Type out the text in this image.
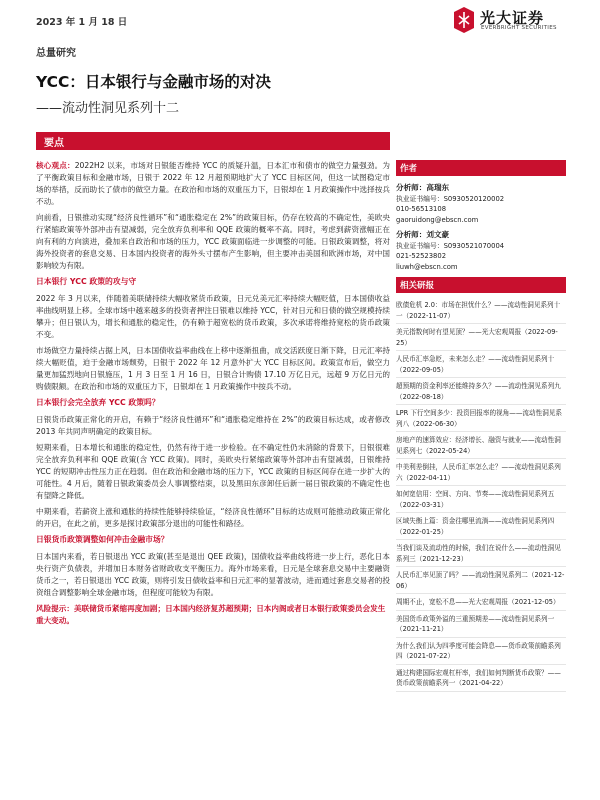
2023 年 1 月 18 日	光大证券
EVERBRIGHT SECURITIES
总量研究
YCC：日本银行与金融市场的对决
——流动性洞见系列十二
要点

核心观点：2022H2 以来，市场对日银能否维持 YCC 的质疑升温，日本汇市和债市的做空力量强劲。为了平衡政策目标和金融市场，日银于 2022 年 12 月超预期地扩大了 YCC 目标区间，但这一试图稳定市场的举措，反而助长了债市的做空力量。在政治和市场的双重压力下，日银却在 1 月政策操作中选择按兵不动。

向前看，日银推动实现“经济良性循环”和“通胀稳定在 2%”的政策目标，仍存在较高的不确定性，美欧央行紧缩政策等外部冲击有望减弱，完全放弃负利率和 QQE 政策的概率不高。同时，考虑到薪资涨幅正在向有利的方向演进，叠加来自政治和市场的压力，YCC 政策面临进一步调整的可能。日银政策调整，将对海外投资者的套息交易、日本国内投资者的海外头寸摆布产生影响，但主要冲击美国和欧洲市场，对中国影响较为有限。

日本银行 YCC 政策的攻与守

2022 年 3 月以来，伴随着美联储持续大幅收紧货币政策，日元兑美元汇率持续大幅贬值，日本国债收益率曲线明显上移。全球市场中越来越多的投资者押注日银难以维持 YCC，针对日元和日债的做空规模持续攀升；但日银认为，增长和通胀的稳定性，仍有赖于超宽松的货币政策，多次承诺将维持宽松的货币政策不变。

市场做空力量持续占据上风，日本国债收益率曲线在上移中逐渐扭曲，成交活跃度日渐下降，日元汇率持续大幅贬值，迫于金融市场颓势，日银于 2022 年 12 月意外扩大 YCC 目标区间。政策宣布后，做空力量更加猛烈地向日银施压，1 月 3 日至 1 月 16 日，日银合计购债 17.10 万亿日元，远超 9 万亿日元的购债限额。在政治和市场的双重压力下，日银却在 1 月政策操作中按兵不动。

日本银行会完全放弃 YCC 政策吗？

日银货币政策正常化的开启，有赖于“经济良性循环”和“通胀稳定维持在 2%”的政策目标达成，或者修改 2013 年共同声明确定的政策目标。

短期来看，日本增长和通胀的稳定性，仍然有待于进一步检验。在不确定性仍未消除的背景下，日银很难完全放弃负利率和 QQE 政策(含 YCC 政策)。同时，美欧央行紧缩政策等外部冲击有望减弱，日银维持 YCC 的短期冲击性压力正在趋弱。但在政治和金融市场的压力下，YCC 政策的目标区间存在进一步扩大的可能性。4 月后，随着日银政策委员会人事调整结束，以及黑田东彦卸任后新一届日银政策的不确定性也有望降之降低。

中期来看，若薪资上涨和通胀的持续性能够持续验证，“经济良性循环”目标的达成则可能推动政策正常化的开启，在此之前，更多是探讨政策部分退出的可能性和路径。

日银货币政策调整如何冲击金融市场？

日本国内来看，若日银退出 YCC 政策(甚至是退出 QEE 政策)，国债收益率曲线将进一步上行，恶化日本央行资产负债表，并增加日本财务省财政收支平衡压力。海外市场来看，日元是全球套息交易中主要融资货币之一，若日银退出 YCC 政策，则将引发日债收益率和日元汇率的显著波动，进而通过套息交易者的投资组合调整影响全球金融市场，但程度可能较为有限。

风险提示：美联储货币紧缩再度加剧；日本国内经济复苏超预期；日本内阁或者日本银行政策委员会发生重大变动。

作者
分析师：高瑞东
执业证书编号：S0930520120002
010-56513108
gaoruidong@ebscn.com
分析师：刘文豪
执业证书编号：S0930521070004
021-52523802
liuwh@ebscn.com
相关研报
欧债危机 2.0：市场在担忧什么？——流动性洞见系列十一（2022-11-07）
美元指数何时有望见顶？——光大宏观周报（2022-09-25）
人民币汇率急贬，未来怎么走？——流动性洞见系列十（2022-09-05）
超预期的资金利率还能维持多久？——流动性洞见系列九（2022-08-18）
LPR 下行空间多少：投资回报率的视角——流动性洞见系列八（2022-06-30）
房地产的速算效应：经济增长、融资与就业——流动性洞见系列七（2022-05-24）
中美利差倒挂，人民币汇率怎么走？——流动性洞见系列六（2022-04-11）
如何宽信用：空间、方向、节奏——流动性洞见系列五（2022-03-31）
区域失衡上篇：资金往哪里流淌——流动性洞见系列四（2022-01-25）
当我们谈及流动性的时候，我们在说什么——流动性洞见系列三（2021-12-23）
人民币汇率见顶了吗？——流动性洞见系列二（2021-12-06）
周期不止，宽松不息——光大宏观周报（2021-12-05）
美国货币政策外溢的三重预期差——流动性洞见系列一（2021-11-21）
为什么我们认为四季度可能会降息——货币政策前瞻系列四（2021-07-22）
通过构建国际宏观杠杆率，我们如何判断货币政策？——货币政策前瞻系列一（2021-04-22）
